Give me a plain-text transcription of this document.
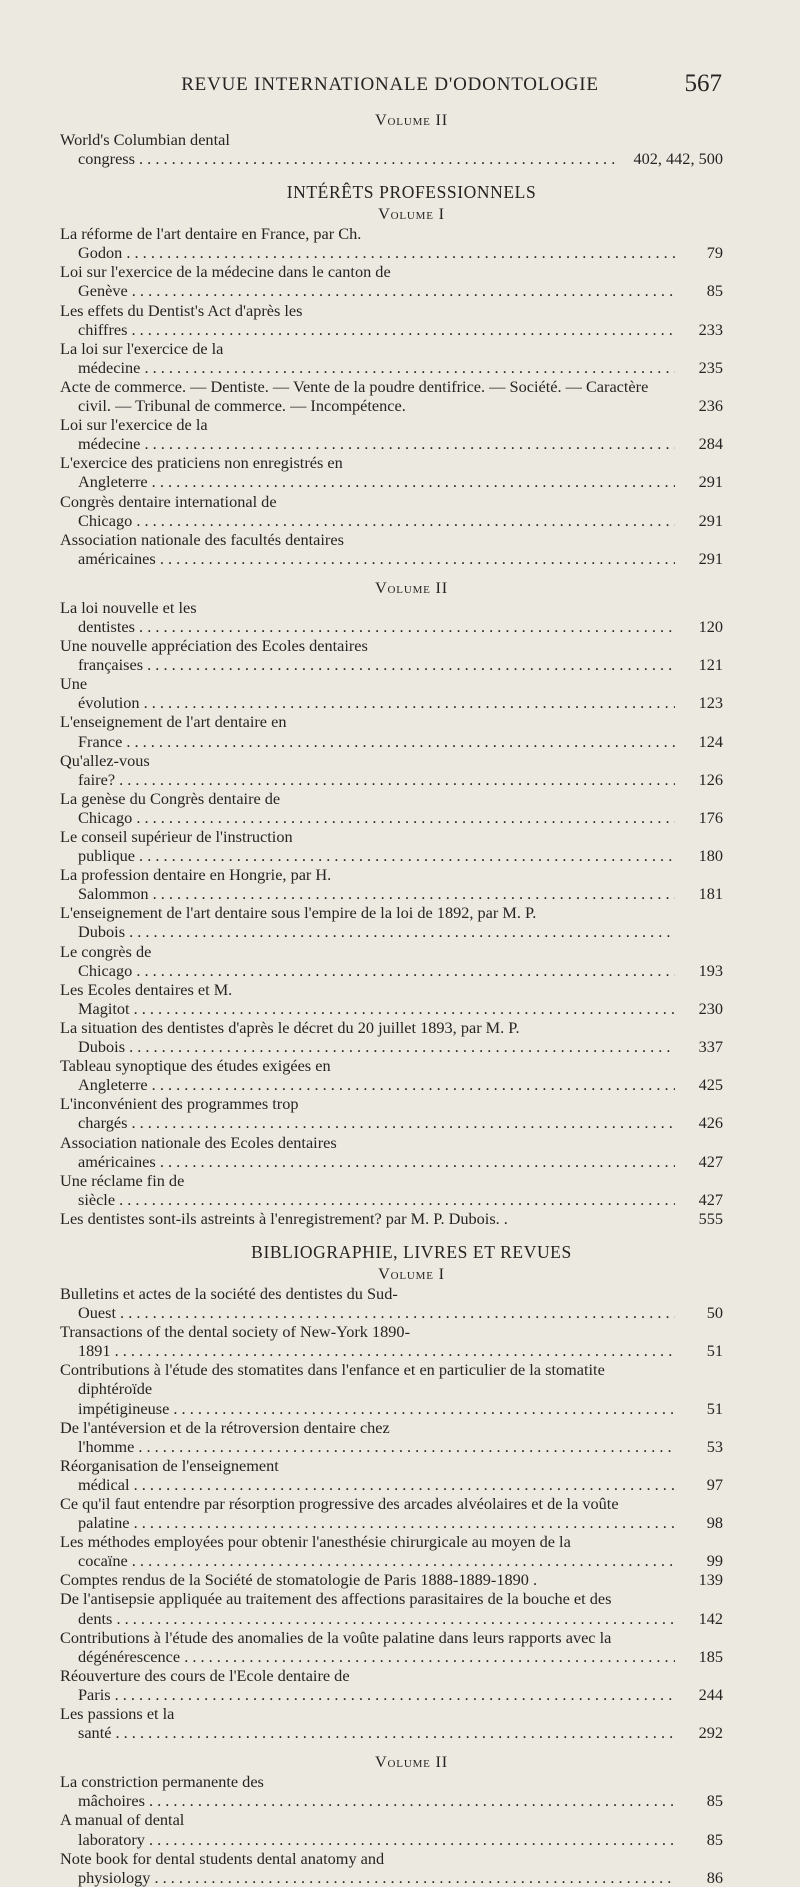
REVUE INTERNATIONALE D'ODONTOLOGIE	567
Volume II
World's Columbian dental congress . . .	402, 442, 500
INTÉRÊTS PROFESSIONNELS
Volume I
La réforme de l'art dentaire en France, par Ch. Godon . . .	79
Loi sur l'exercice de la médecine dans le canton de Genève . . .	85
Les effets du Dentist's Act d'après les chiffres . . .	233
La loi sur l'exercice de la médecine . . .	235
Acte de commerce. — Dentiste. — Vente de la poudre dentifrice. — Société. — Caractère civil. — Tribunal de commerce. — Incompétence.	236
Loi sur l'exercice de la médecine . . .	284
L'exercice des praticiens non enregistrés en Angleterre . . .	291
Congrès dentaire international de Chicago . . .	291
Association nationale des facultés dentaires américaines . . .	291
Volume II
La loi nouvelle et les dentistes . . .	120
Une nouvelle appréciation des Ecoles dentaires françaises . . .	121
Une évolution . . .	123
L'enseignement de l'art dentaire en France . . .	124
Qu'allez-vous faire? . . .	126
La genèse du Congrès dentaire de Chicago . . .	176
Le conseil supérieur de l'instruction publique . . .	180
La profession dentaire en Hongrie, par H. Salommon . . .	181
L'enseignement de l'art dentaire sous l'empire de la loi de 1892, par M. P. Dubois . . .
Le congrès de Chicago . . .	193
Les Ecoles dentaires et M. Magitot . . .	230
La situation des dentistes d'après le décret du 20 juillet 1893, par M. P. Dubois . . .	337
Tableau synoptique des études exigées en Angleterre . . .	425
L'inconvénient des programmes trop chargés . . .	426
Association nationale des Ecoles dentaires américaines . . .	427
Une réclame fin de siècle . . .	427
Les dentistes sont-ils astreints à l'enregistrement? par M. P. Dubois. .	555
BIBLIOGRAPHIE, LIVRES ET REVUES
Volume I
Bulletins et actes de la société des dentistes du Sud-Ouest . . .	50
Transactions of the dental society of New-York 1890-1891 . . .	51
Contributions à l'étude des stomatites dans l'enfance et en particulier de la stomatite diphtéroïde impétigineuse . . .	51
De l'antéversion et de la rétroversion dentaire chez l'homme . . .	53
Réorganisation de l'enseignement médical . . .	97
Ce qu'il faut entendre par résorption progressive des arcades alvéolaires et de la voûte palatine . . .	98
Les méthodes employées pour obtenir l'anesthésie chirurgicale au moyen de la cocaïne . . .	99
Comptes rendus de la Société de stomatologie de Paris 1888-1889-1890 .	139
De l'antisepsie appliquée au traitement des affections parasitaires de la bouche et des dents . . .	142
Contributions à l'étude des anomalies de la voûte palatine dans leurs rapports avec la dégénérescence . . .	185
Réouverture des cours de l'Ecole dentaire de Paris . . .	244
Les passions et la santé . . .	292
Volume II
La constriction permanente des mâchoires . . .	85
A manual of dental laboratory . . .	85
Note book for dental students dental anatomy and physiology . . .	86
